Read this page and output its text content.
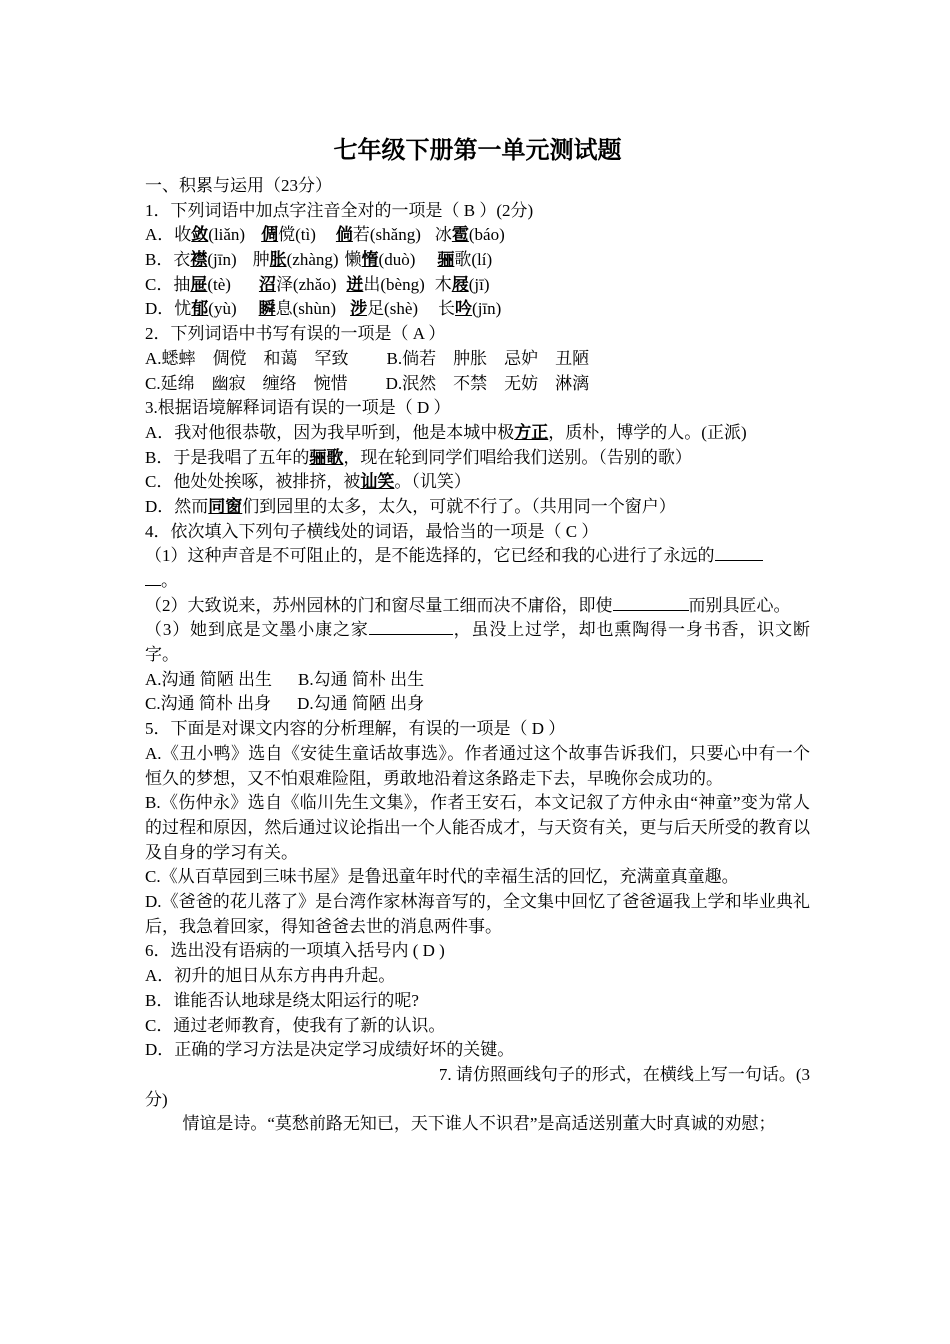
七年级下册第一单元测试题
一、积累与运用（23分）
1．下列词语中加点字注音全对的一项是（ B ）(2分)
A．收敛(liǎn) 倜傥(tì) 倘若(shǎng) 冰雹(báo)
B．衣襟(jīn) 肿胀(zhàng) 懒惰(duò) 骊歌(lí)
C．抽屉(tè) 沼泽(zhǎo) 迸出(bèng) 木屐(jī)
D．忧郁(yù) 瞬息(shùn) 涉足(shè) 长吟(jīn)
2．下列词语中书写有误的一项是（ A ）
A.蟋蟀　倜傥　和蔼　罕致 B.倘若　肿胀　忌妒　丑陋
C.延绵　幽寂　缠络　惋惜 D.泯然　不禁　无妨　淋漓
3.根据语境解释词语有误的一项是（ D ）
A．我对他很恭敬，因为我早听到，他是本城中极方正，质朴，博学的人。(正派)
B．于是我唱了五年的骊歌，现在轮到同学们唱给我们送别。（告别的歌）
C．他处处挨啄，被排挤，被讪笑。（讥笑）
D．然而同窗们到园里的太多，太久，可就不行了。（共用同一个窗户）
4．依次填入下列句子横线处的词语，最恰当的一项是（ C ）
（1）这种声音是不可阻止的，是不能选择的，它已经和我的心进行了永远的
。
（2）大致说来，苏州园林的门和窗尽量工细而决不庸俗，即使	而别具匠心。
（3）她到底是文墨小康之家	，虽没上过学，却也熏陶得一身书香，识文断字。
A.沟通 简陋 出生 B.勾通 简朴 出生
C.沟通 简朴 出身 D.勾通 简陋 出身
5．下面是对课文内容的分析理解，有误的一项是（ D ）
A.《丑小鸭》选自《安徒生童话故事选》。作者通过这个故事告诉我们，只要心中有一个恒久的梦想，又不怕艰难险阻，勇敢地沿着这条路走下去，早晚你会成功的。
B.《伤仲永》选自《临川先生文集》，作者王安石，本文记叙了方仲永由“神童”变为常人的过程和原因，然后通过议论指出一个人能否成才，与天资有关，更与后天所受的教育以及自身的学习有关。
C.《从百草园到三味书屋》是鲁迅童年时代的幸福生活的回忆，充满童真童趣。
D.《爸爸的花儿落了》是台湾作家林海音写的，全文集中回忆了爸爸逼我上学和毕业典礼后，我急着回家，得知爸爸去世的消息两件事。
6．选出没有语病的一项填入括号内 ( D )
A．初升的旭日从东方冉冉升起。
B．谁能否认地球是绕太阳运行的呢?
C．通过老师教育，使我有了新的认识。
D．正确的学习方法是决定学习成绩好坏的关键。
7. 请仿照画线句子的形式，在横线上写一句话。(3
分)
情谊是诗。“莫愁前路无知已，天下谁人不识君”是高适送别董大时真诚的劝慰；
